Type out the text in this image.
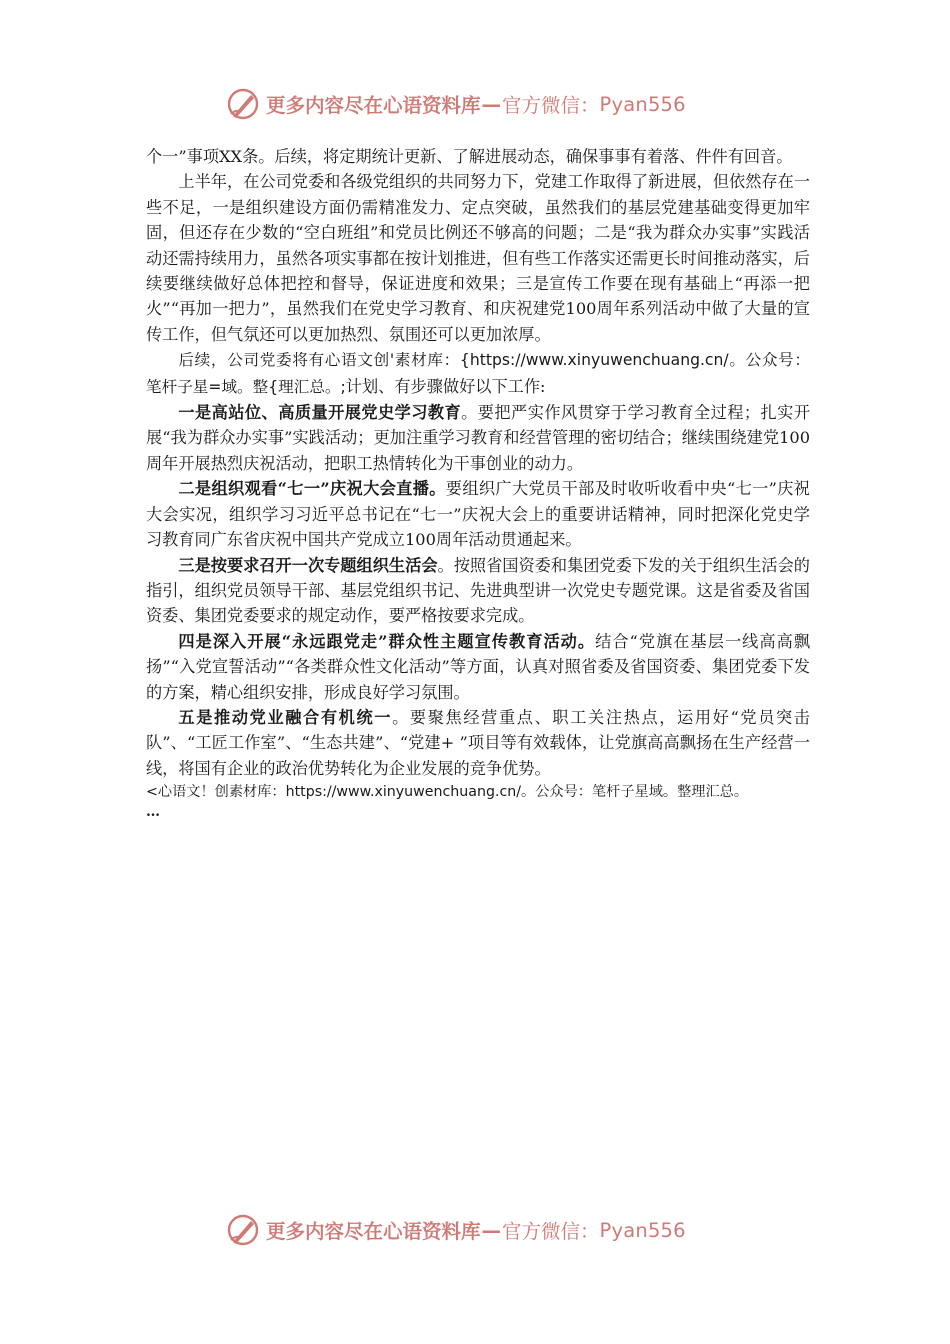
更多内容尽在心语资料库 — 官方微信： Pyan556

个一”事项XX条。后续，将定期统计更新、了解进展动态，确保事事有着落、件件有回音。

上半年，在公司党委和各级党组织的共同努力下，党建工作取得了新进展，但依然存在一些不足，一是组织建设方面仍需精准发力、定点突破，虽然我们的基层党建基础变得更加牢固，但还存在少数的“空白班组”和党员比例还不够高的问题；二是“我为群众办实事”实践活动还需持续用力，虽然各项实事都在按计划推进，但有些工作落实还需更长时间推动落实，后续要继续做好总体把控和督导，保证进度和效果；三是宣传工作要在现有基础上“再添一把火”“再加一把力”，虽然我们在党史学习教育、和庆祝建党100周年系列活动中做了大量的宣传工作，但气氛还可以更加热烈、氛围还可以更加浓厚。

后续，公司党委将有心语文创'素材库：{https://www.xinyuwenchuang.cn/。公众号：笔杆子星=域。整{理汇总。;计划、有步骤做好以下工作:

一是高站位、高质量开展党史学习教育。要把严实作风贯穿于学习教育全过程；扎实开展“我为群众办实事”实践活动；更加注重学习教育和经营管理的密切结合；继续围绕建党100周年开展热烈庆祝活动，把职工热情转化为干事创业的动力。

二是组织观看“七一”庆祝大会直播。要组织广大党员干部及时收听收看中央“七一”庆祝大会实况，组织学习习近平总书记在“七一”庆祝大会上的重要讲话精神，同时把深化党史学习教育同广东省庆祝中国共产党成立100周年活动贯通起来。

三是按要求召开一次专题组织生活会。按照省国资委和集团党委下发的关于组织生活会的指引，组织党员领导干部、基层党组织书记、先进典型讲一次党史专题党课。这是省委及省国资委、集团党委要求的规定动作，要严格按要求完成。

四是深入开展“永远跟党走”群众性主题宣传教育活动。结合“党旗在基层一线高高飘扬”“入党宣誓活动”“各类群众性文化活动”等方面，认真对照省委及省国资委、集团党委下发的方案，精心组织安排，形成良好学习氛围。

五是推动党业融合有机统一。要聚焦经营重点、职工关注热点，运用好“党员突击队”、“工匠工作室”、“生态共建”、“党建+ ”项目等有效载体，让党旗高高飘扬在生产经营一线，将国有企业的政治优势转化为企业发展的竞争优势。

<心语文！创素材库：https://www.xinyuwenchuang.cn/。公众号：笔杆子星域。整理汇总。
…
更多内容尽在心语资料库 — 官方微信： Pyan556
